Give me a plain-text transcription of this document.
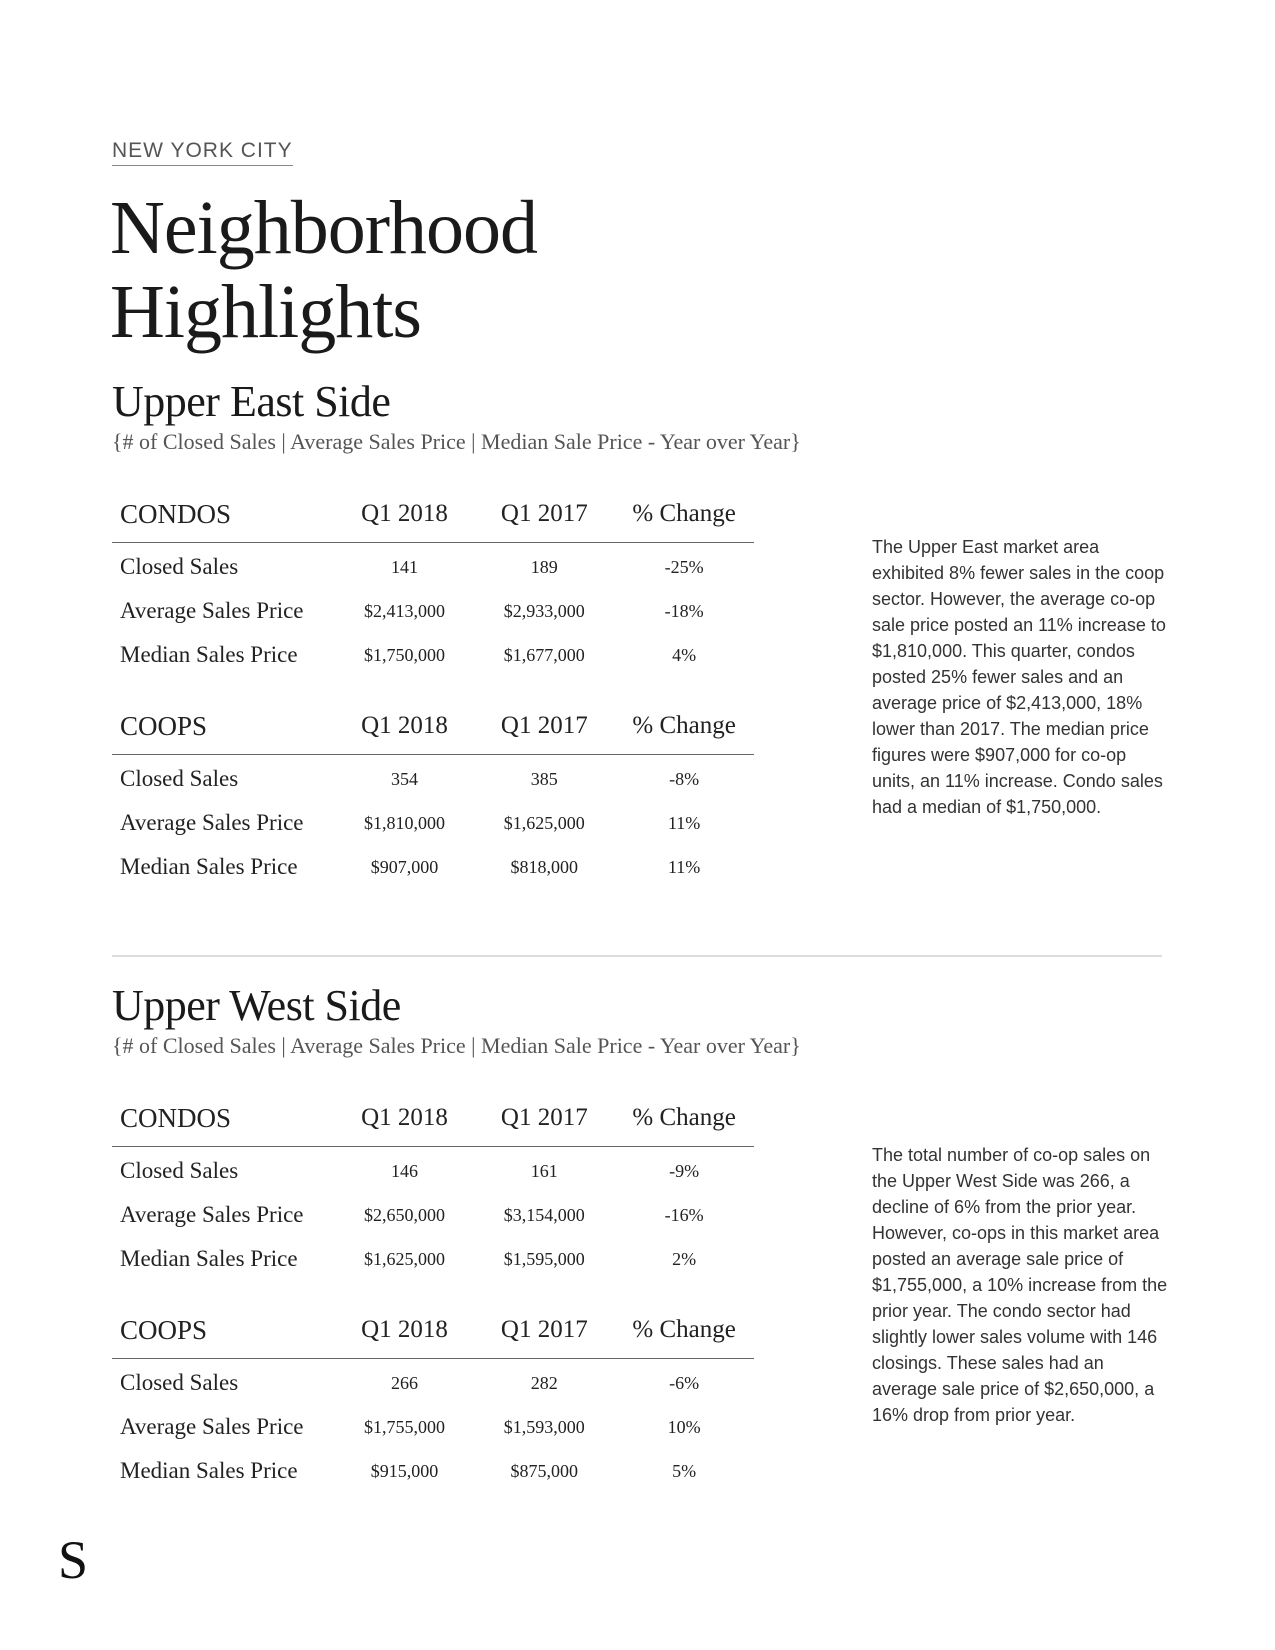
NEW YORK CITY
Neighborhood
Highlights
Upper East Side
{# of Closed Sales | Average Sales Price | Median Sale Price - Year over Year}
CONDOS	Q1 2018	Q1 2017	% Change
Closed Sales	141	189	-25%
Average Sales Price	$2,413,000	$2,933,000	-18%
Median Sales Price	$1,750,000	$1,677,000	4%
COOPS	Q1 2018	Q1 2017	% Change
Closed Sales	354	385	-8%
Average Sales Price	$1,810,000	$1,625,000	11%
Median Sales Price	$907,000	$818,000	11%
The Upper East market area exhibited 8% fewer sales in the coop sector. However, the average co-op sale price posted an 11% increase to $1,810,000. This quarter, condos posted 25% fewer sales and an average price of $2,413,000, 18% lower than 2017. The median price figures were $907,000 for co-op units, an 11% increase. Condo sales had a median of $1,750,000.
Upper West Side
{# of Closed Sales | Average Sales Price | Median Sale Price - Year over Year}
CONDOS	Q1 2018	Q1 2017	% Change
Closed Sales	146	161	-9%
Average Sales Price	$2,650,000	$3,154,000	-16%
Median Sales Price	$1,625,000	$1,595,000	2%
COOPS	Q1 2018	Q1 2017	% Change
Closed Sales	266	282	-6%
Average Sales Price	$1,755,000	$1,593,000	10%
Median Sales Price	$915,000	$875,000	5%
The total number of co-op sales on the Upper West Side was 266, a decline of 6% from the prior year. However, co-ops in this market area posted an average sale price of $1,755,000, a 10% increase from the prior year. The condo sector had slightly lower sales volume with 146 closings. These sales had an average sale price of $2,650,000, a 16% drop from prior year.
S
